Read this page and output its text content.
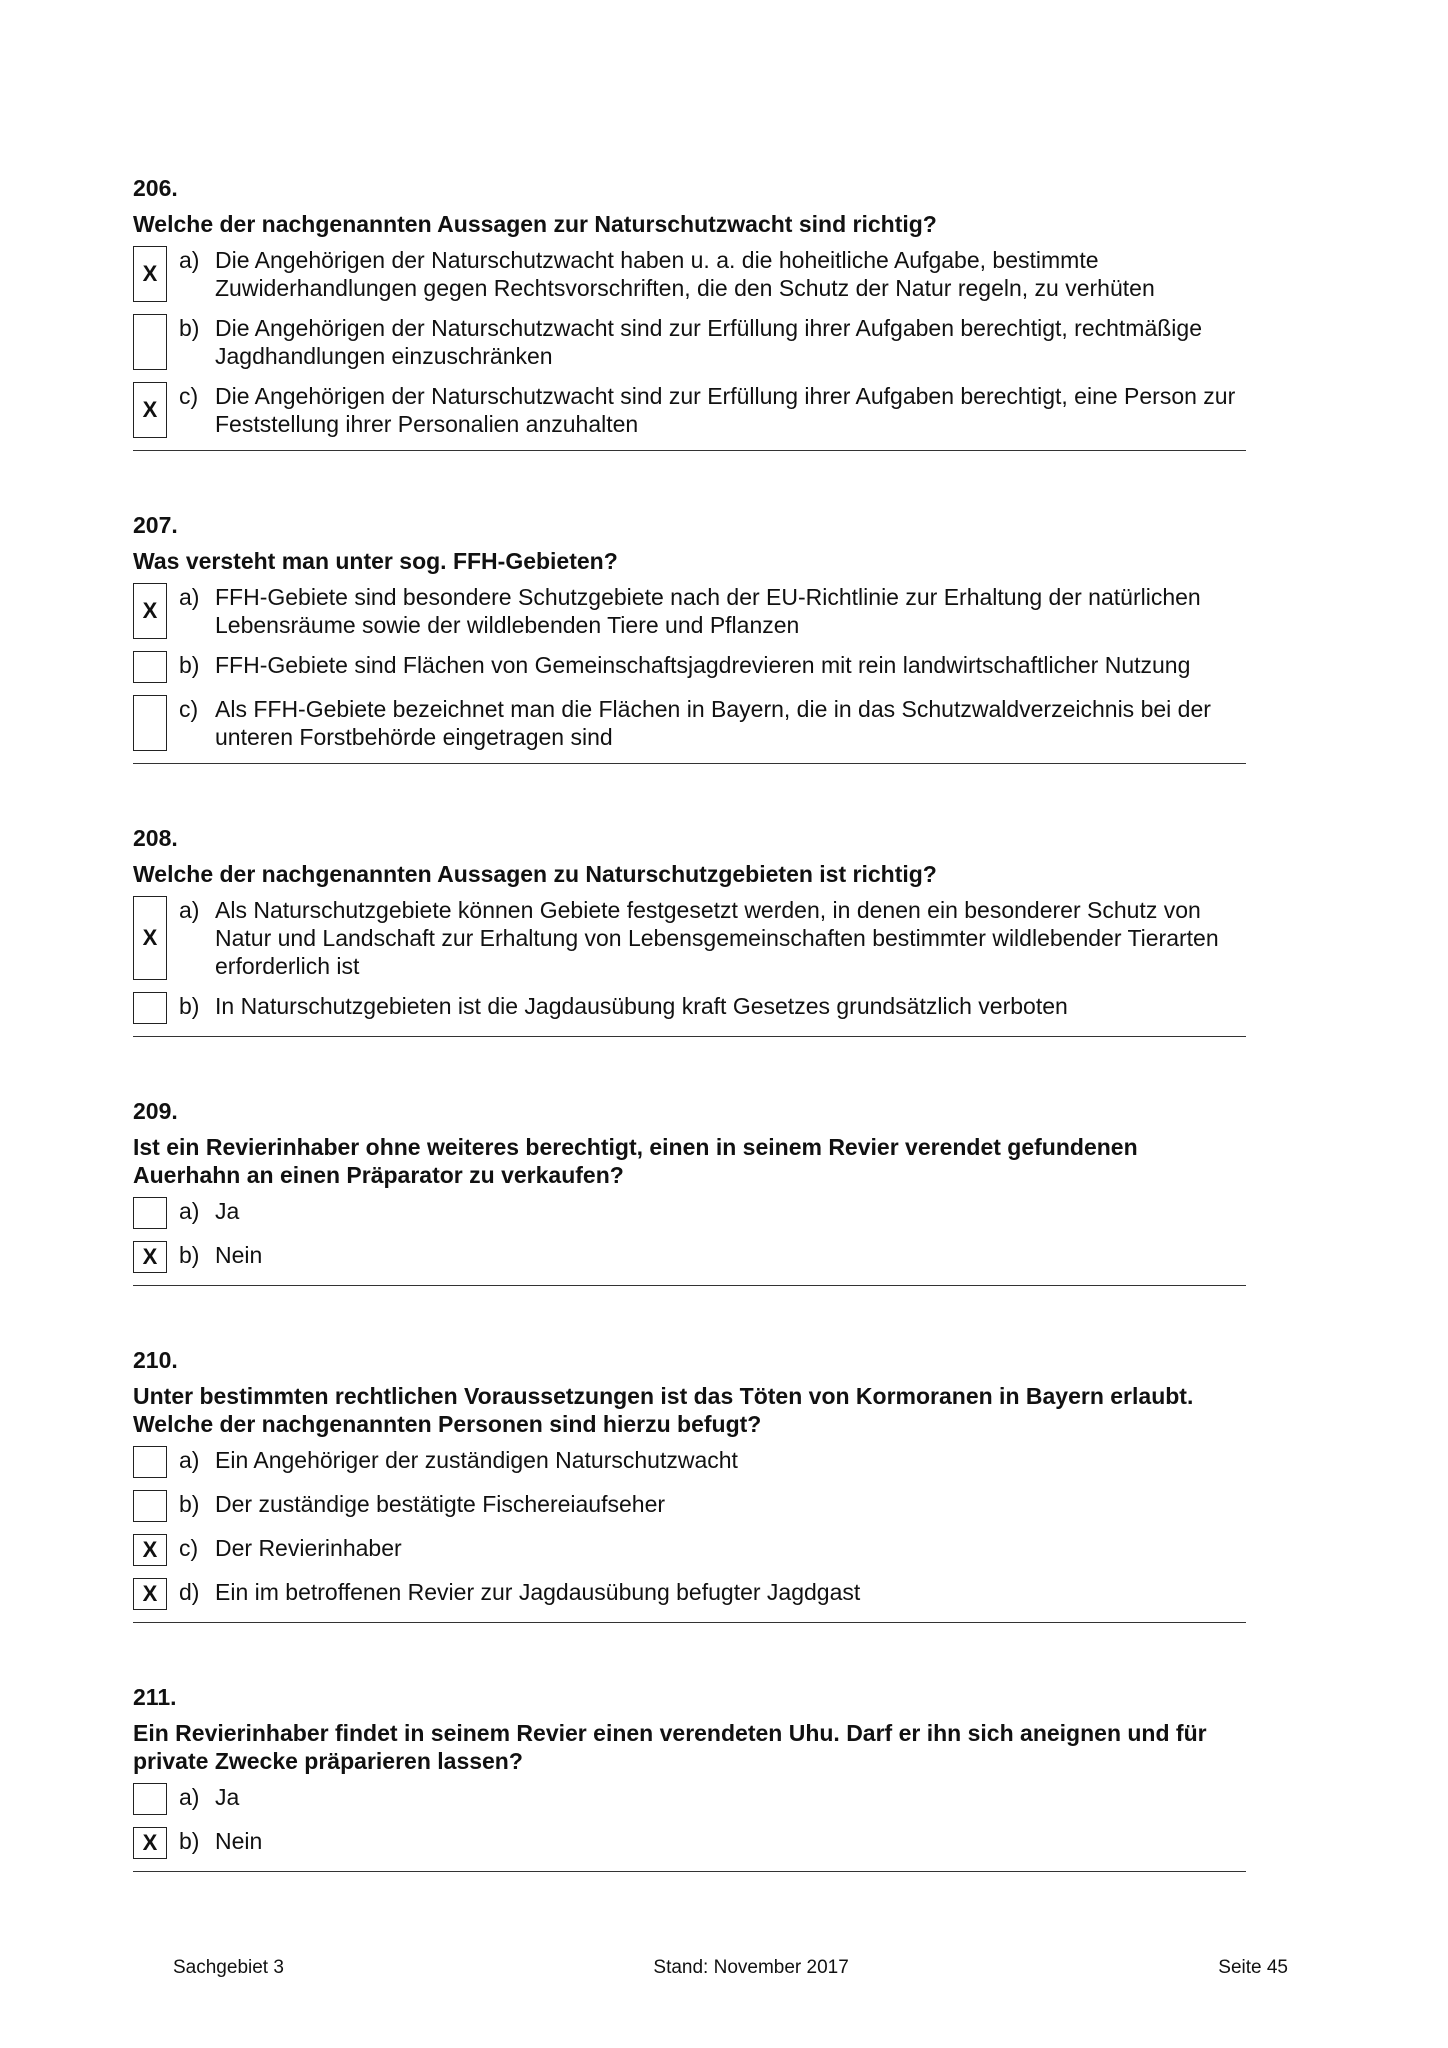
206.
Welche der nachgenannten Aussagen zur Naturschutzwacht sind richtig?
X
a) Die Angehörigen der Naturschutzwacht haben u. a. die hoheitliche Aufgabe, bestimmte Zuwiderhandlungen gegen Rechtsvorschriften, die den Schutz der Natur regeln, zu verhüten
b) Die Angehörigen der Naturschutzwacht sind zur Erfüllung ihrer Aufgaben berechtigt, rechtmäßige Jagdhandlungen einzuschränken
X
c) Die Angehörigen der Naturschutzwacht sind zur Erfüllung ihrer Aufgaben berechtigt, eine Person zur Feststellung ihrer Personalien anzuhalten
207.
Was versteht man unter sog. FFH-Gebieten?
X
a) FFH-Gebiete sind besondere Schutzgebiete nach der EU-Richtlinie zur Erhaltung der natürlichen Lebensräume sowie der wildlebenden Tiere und Pflanzen
b) FFH-Gebiete sind Flächen von Gemeinschaftsjagdrevieren mit rein landwirtschaftlicher Nutzung
c) Als FFH-Gebiete bezeichnet man die Flächen in Bayern, die in das Schutzwaldverzeichnis bei der unteren Forstbehörde eingetragen sind
208.
Welche der nachgenannten Aussagen zu Naturschutzgebieten ist richtig?
X
a) Als Naturschutzgebiete können Gebiete festgesetzt werden, in denen ein besonderer Schutz von Natur und Landschaft zur Erhaltung von Lebensgemeinschaften bestimmter wildlebender Tierarten erforderlich ist
b) In Naturschutzgebieten ist die Jagdausübung kraft Gesetzes grundsätzlich verboten
209.
Ist ein Revierinhaber ohne weiteres berechtigt, einen in seinem Revier verendet gefundenen Auerhahn an einen Präparator zu verkaufen?
a) Ja
X b) Nein
210.
Unter bestimmten rechtlichen Voraussetzungen ist das Töten von Kormoranen in Bayern erlaubt. Welche der nachgenannten Personen sind hierzu befugt?
a) Ein Angehöriger der zuständigen Naturschutzwacht
b) Der zuständige bestätigte Fischereiaufseher
X c) Der Revierinhaber
X d) Ein im betroffenen Revier zur Jagdausübung befugter Jagdgast
211.
Ein Revierinhaber findet in seinem Revier einen verendeten Uhu. Darf er ihn sich aneignen und für private Zwecke präparieren lassen?
a) Ja
X b) Nein
Sachgebiet 3	Stand: November 2017	Seite 45
